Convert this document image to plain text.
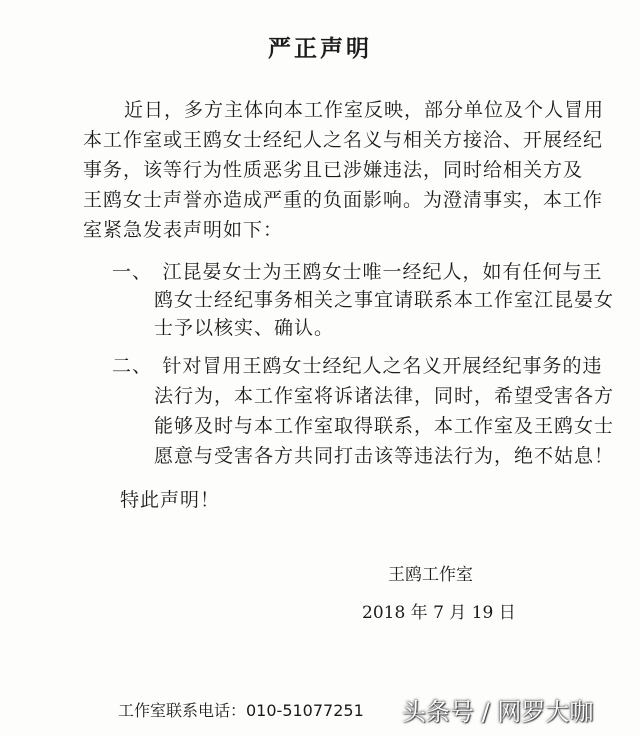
严正声明
近日，多方主体向本工作室反映，部分单位及个人冒用
本工作室或王鸥女士经纪人之名义与相关方接洽、开展经纪
事务，该等行为性质恶劣且已涉嫌违法，同时给相关方及
王鸥女士声誉亦造成严重的负面影响。为澄清事实，本工作
室紧急发表声明如下：
一、　江昆晏女士为王鸥女士唯一经纪人，如有任何与王
鸥女士经纪事务相关之事宜请联系本工作室江昆晏女
士予以核实、确认。
二、　针对冒用王鸥女士经纪人之名义开展经纪事务的违
法行为，本工作室将诉诸法律，同时，希望受害各方
能够及时与本工作室取得联系，本工作室及王鸥女士
愿意与受害各方共同打击该等违法行为，绝不姑息！
特此声明！
王鸥工作室
2018 年 7 月 19 日
工作室联系电话：010-51077251 头条号 / 网罗大咖
